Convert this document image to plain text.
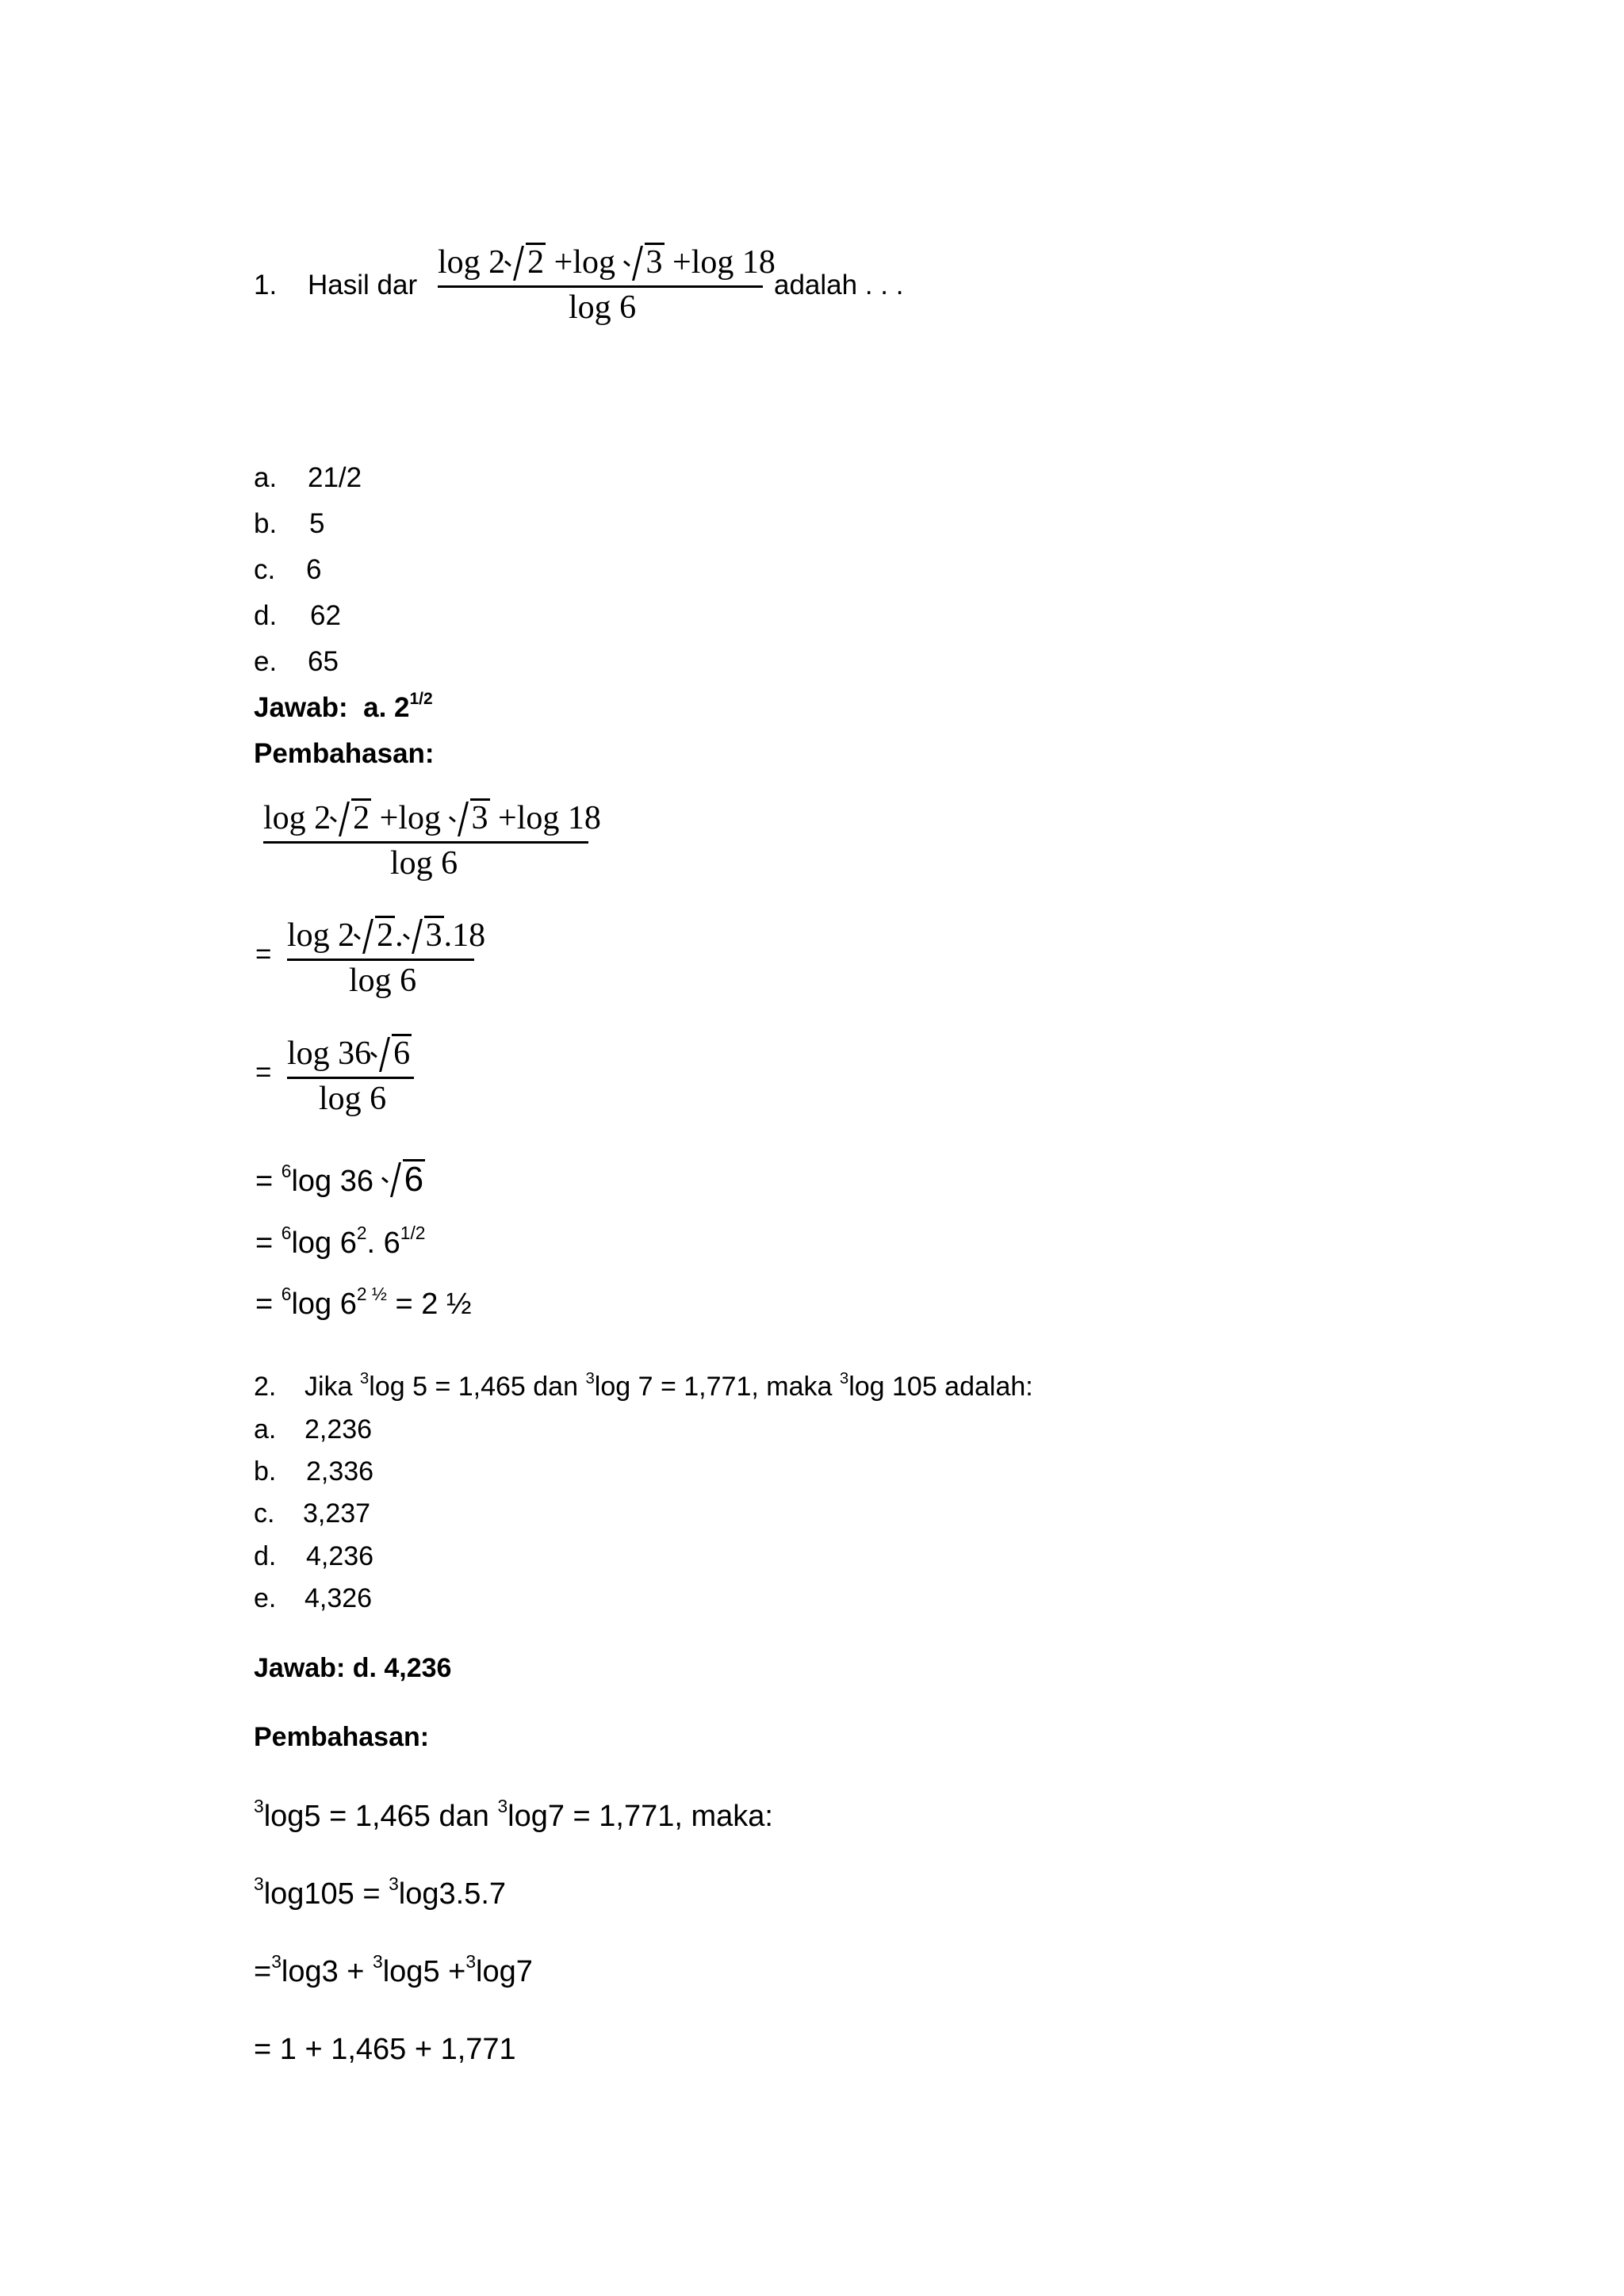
1. Hasil dar
log 2 2 +log 3 +log 18
log 6
adalah . . .
a. 21/2
b. 5
c. 6
d. 62
e. 65
Jawab: a. $2^{1/2}$
Pembahasan:
log 2 2 +log 3 +log 18
log 6
=
log 2 2. 3.18
log 6
=
log 36 6
log 6
= $^6$log 36 6
= $^6$log $6^2$. $6^{1/2}$
= $^6$log $6^{2 \frac{1}{2}} = 2$ ½
2. Jika $^3$log 5 = 1,465 dan $^3$log 7 = 1,771, maka $^3$log 105 adalah:
a. 2,236
b. 2,336
c. 3,237
d. 4,236
e. 4,326
Jawab: d. 4,236
Pembahasan:
$^3$log5 = 1,465 dan $^3$log7 = 1,771, maka:
$^3$log105 = $^3$log3.5.7
=$^3$log3 + $^3$log5 +$^3$log7
= 1 + 1,465 + 1,771
